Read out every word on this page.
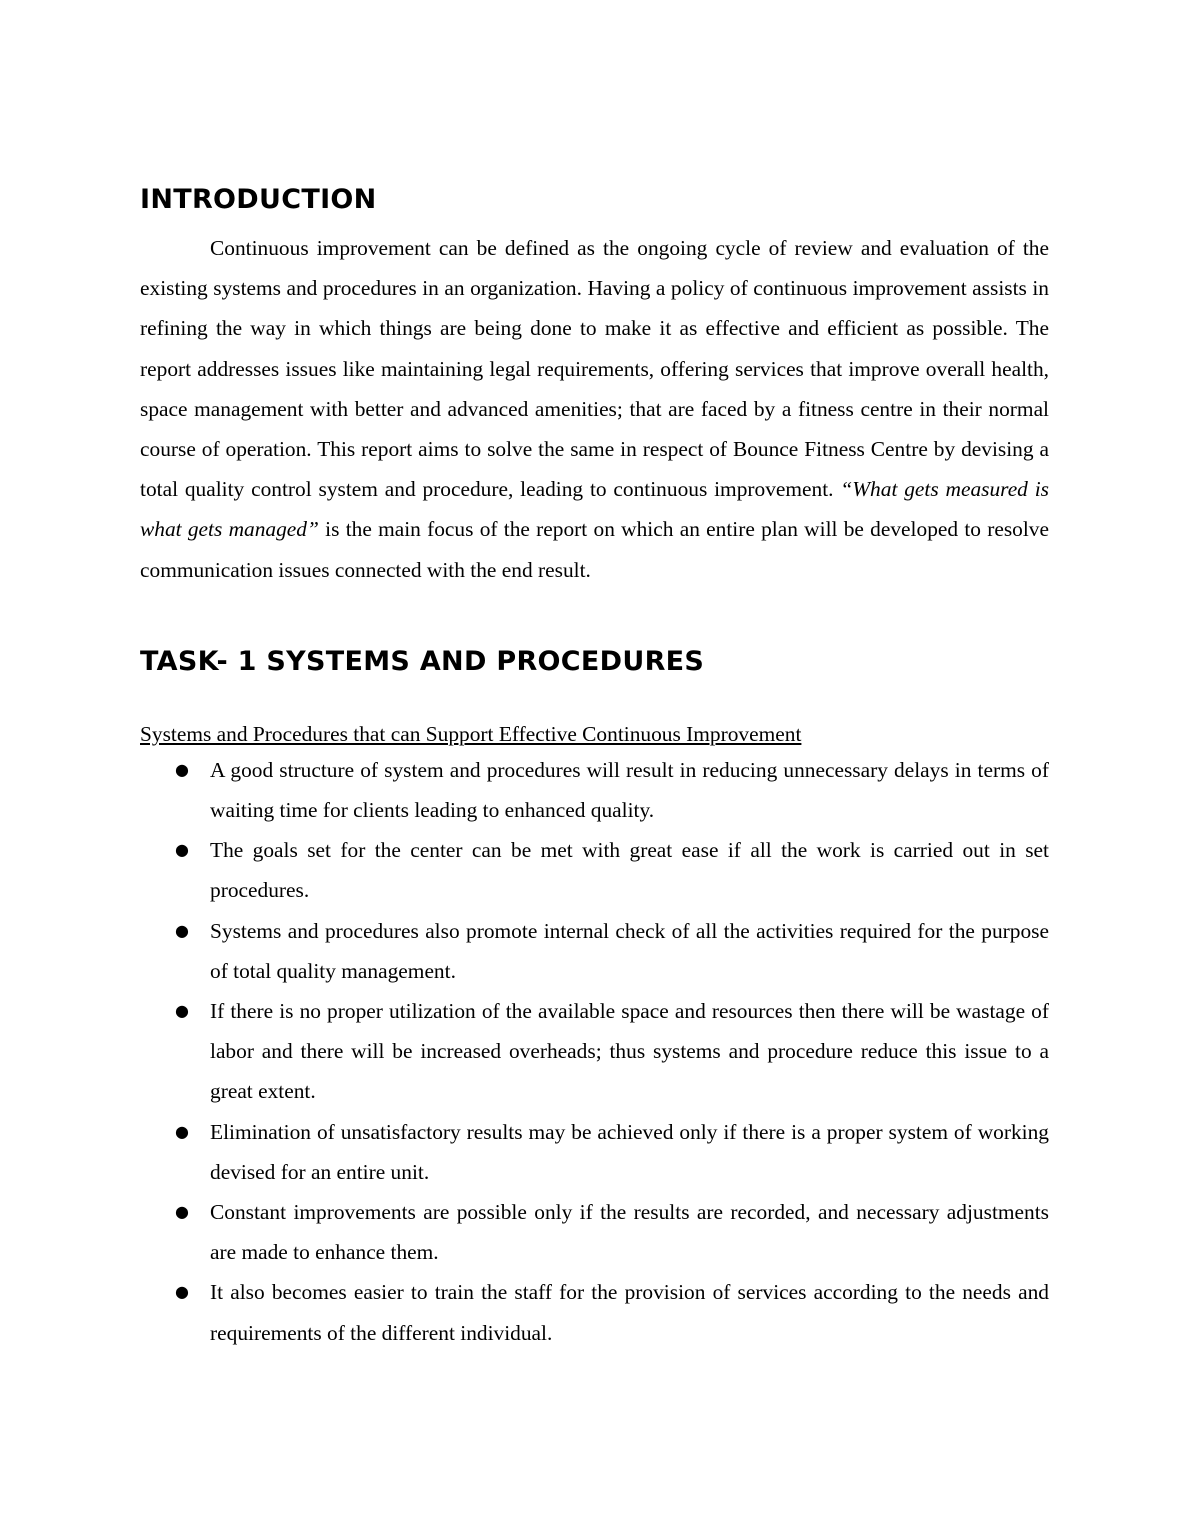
INTRODUCTION

Continuous improvement can be defined as the ongoing cycle of review and evaluation of the existing systems and procedures in an organization. Having a policy of continuous improvement assists in refining the way in which things are being done to make it as effective and efficient as possible. The report addresses issues like maintaining legal requirements, offering services that improve overall health, space management with better and advanced amenities; that are faced by a fitness centre in their normal course of operation. This report aims to solve the same in respect of Bounce Fitness Centre by devising a total quality control system and procedure, leading to continuous improvement. “What gets measured is what gets managed” is the main focus of the report on which an entire plan will be developed to resolve communication issues connected with the end result.

TASK- 1 SYSTEMS AND PROCEDURES
Systems and Procedures that can Support Effective Continuous Improvement
● A good structure of system and procedures will result in reducing unnecessary delays in terms of waiting time for clients leading to enhanced quality.
● The goals set for the center can be met with great ease if all the work is carried out in set procedures.
● Systems and procedures also promote internal check of all the activities required for the purpose of total quality management.
● If there is no proper utilization of the available space and resources then there will be wastage of labor and there will be increased overheads; thus systems and procedure reduce this issue to a great extent.
● Elimination of unsatisfactory results may be achieved only if there is a proper system of working devised for an entire unit.
● Constant improvements are possible only if the results are recorded, and necessary adjustments are made to enhance them.
● It also becomes easier to train the staff for the provision of services according to the needs and requirements of the different individual.
